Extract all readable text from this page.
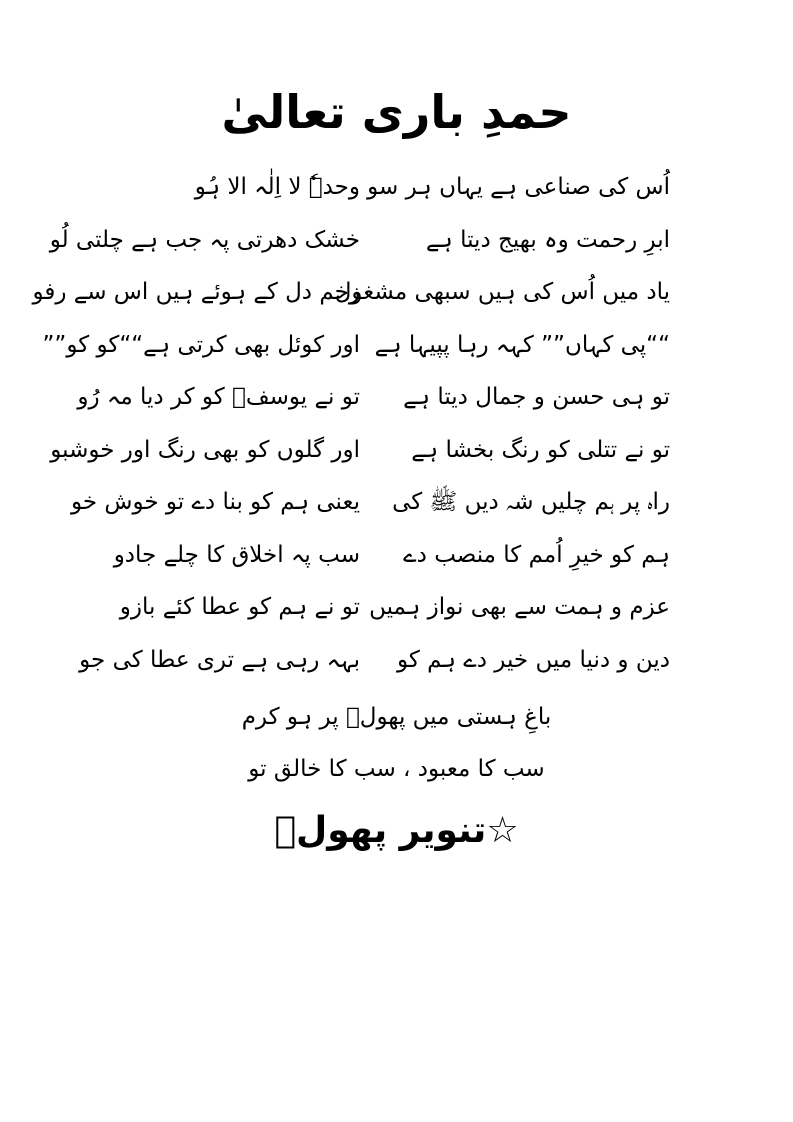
حمدِ باری تعالیٰ
اُس کی صناعی ہے یہاں ہر سو
وحدہٗ لا اِلٰہ الا ہُو
ابرِ رحمت وہ بھیج دیتا ہے
خشک دھرتی پہ جب ہے چلتی لُو
یاد میں اُس کی ہیں سبھی مشغول
زخم دل کے ہوئے ہیں اس سے رفو
““پی کہاں”” کہہ رہا پپیہا ہے
اور کوئل بھی کرتی ہے““کو کو””
تو ہی حسن و جمال دیتا ہے
تو نے یوسفؑ کو کر دیا مہ رُو
تو نے تتلی کو رنگ بخشا ہے
اور گلوں کو بھی رنگ اور خوشبو
راہ پر ہم چلیں شہ دیں ﷺ کی
یعنی ہم کو بنا دے تو خوش خو
ہم کو خیرِ اُمم کا منصب دے
سب پہ اخلاق کا چلے جادو
عزم و ہمت سے بھی نواز ہمیں
تو نے ہم کو عطا کئے بازو
دین و دنیا میں خیر دے ہم کو
بہہ رہی ہے تری عطا کی جو
باغِ ہستی میں پھولؔ پر ہو کرم
سب کا معبود ، سب کا خالق تو
☆تنویر پھولؔ
